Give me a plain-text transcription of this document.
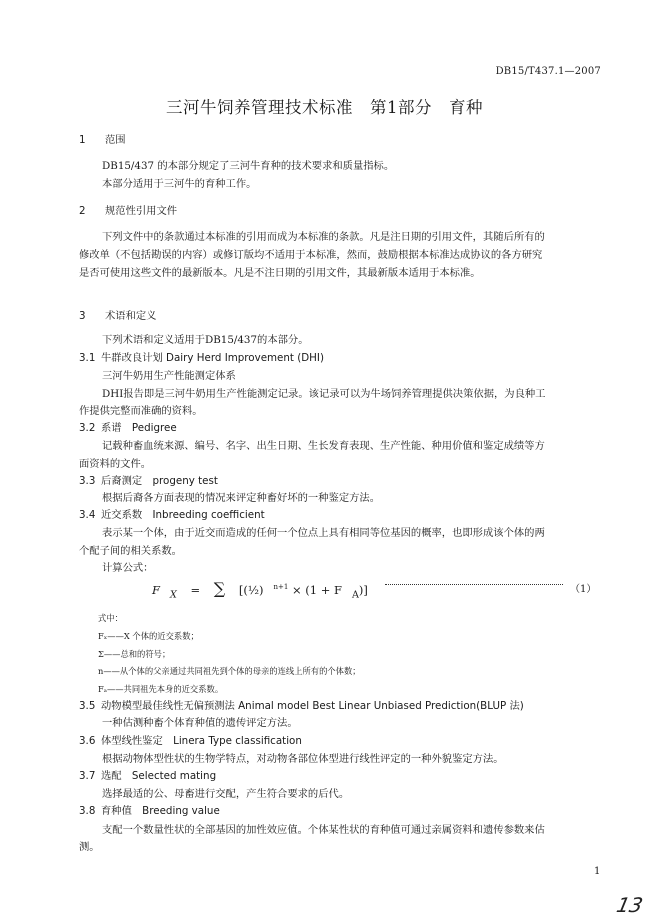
DB15/T437.1—2007
三河牛饲养管理技术标准　第1部分　育种
1 范围
DB15/437 的本部分规定了三河牛育种的技术要求和质量指标。
本部分适用于三河牛的育种工作。
2 规范性引用文件
下列文件中的条款通过本标准的引用而成为本标准的条款。凡是注日期的引用文件，其随后所有的
修改单（不包括勘误的内容）或修订版均不适用于本标准，然而，鼓励根据本标准达成协议的各方研究
是否可使用这些文件的最新版本。凡是不注日期的引用文件，其最新版本适用于本标准。
3 术语和定义
下列术语和定义适用于DB15/437的本部分。
3.1 牛群改良计划 Dairy Herd Improvement (DHI)
三河牛奶用生产性能测定体系
DHI报告即是三河牛奶用生产性能测定记录。该记录可以为牛场饲养管理提供决策依据，为良种工
作提供完整而准确的资料。
3.2 系谱　Pedigree
记载种畜血统来源、编号、名字、出生日期、生长发育表现、生产性能、种用价值和鉴定成绩等方
面资料的文件。
3.3 后裔测定　progeny test
根据后裔各方面表现的情况来评定种畜好坏的一种鉴定方法。
3.4 近交系数　Inbreeding coefficient
表示某一个体，由于近交而造成的任何一个位点上具有相同等位基因的概率，也即形成该个体的两
个配子间的相关系数。
计算公式：
F $_X$ = ∑ [(½) $^{n+1}$ × (1 + F $_A$)]	（1）
式中：
Fₓ——X 个体的近交系数；
Σ——总和的符号；
n——从个体的父亲通过共同祖先到个体的母亲的连线上所有的个体数；
Fₐ——共同祖先本身的近交系数。
3.5 动物模型最佳线性无偏预测法 Animal model Best Linear Unbiased Prediction(BLUP 法)
一种估测种畜个体育种值的遗传评定方法。
3.6 体型线性鉴定　Linera Type classification
根据动物体型性状的生物学特点，对动物各部位体型进行线性评定的一种外貌鉴定方法。
3.7 选配　Selected mating
选择最适的公、母畜进行交配，产生符合要求的后代。
3.8 育种值　Breeding value
支配一个数量性状的全部基因的加性效应值。个体某性状的育种值可通过亲属资料和遗传参数来估
测。
1
13
